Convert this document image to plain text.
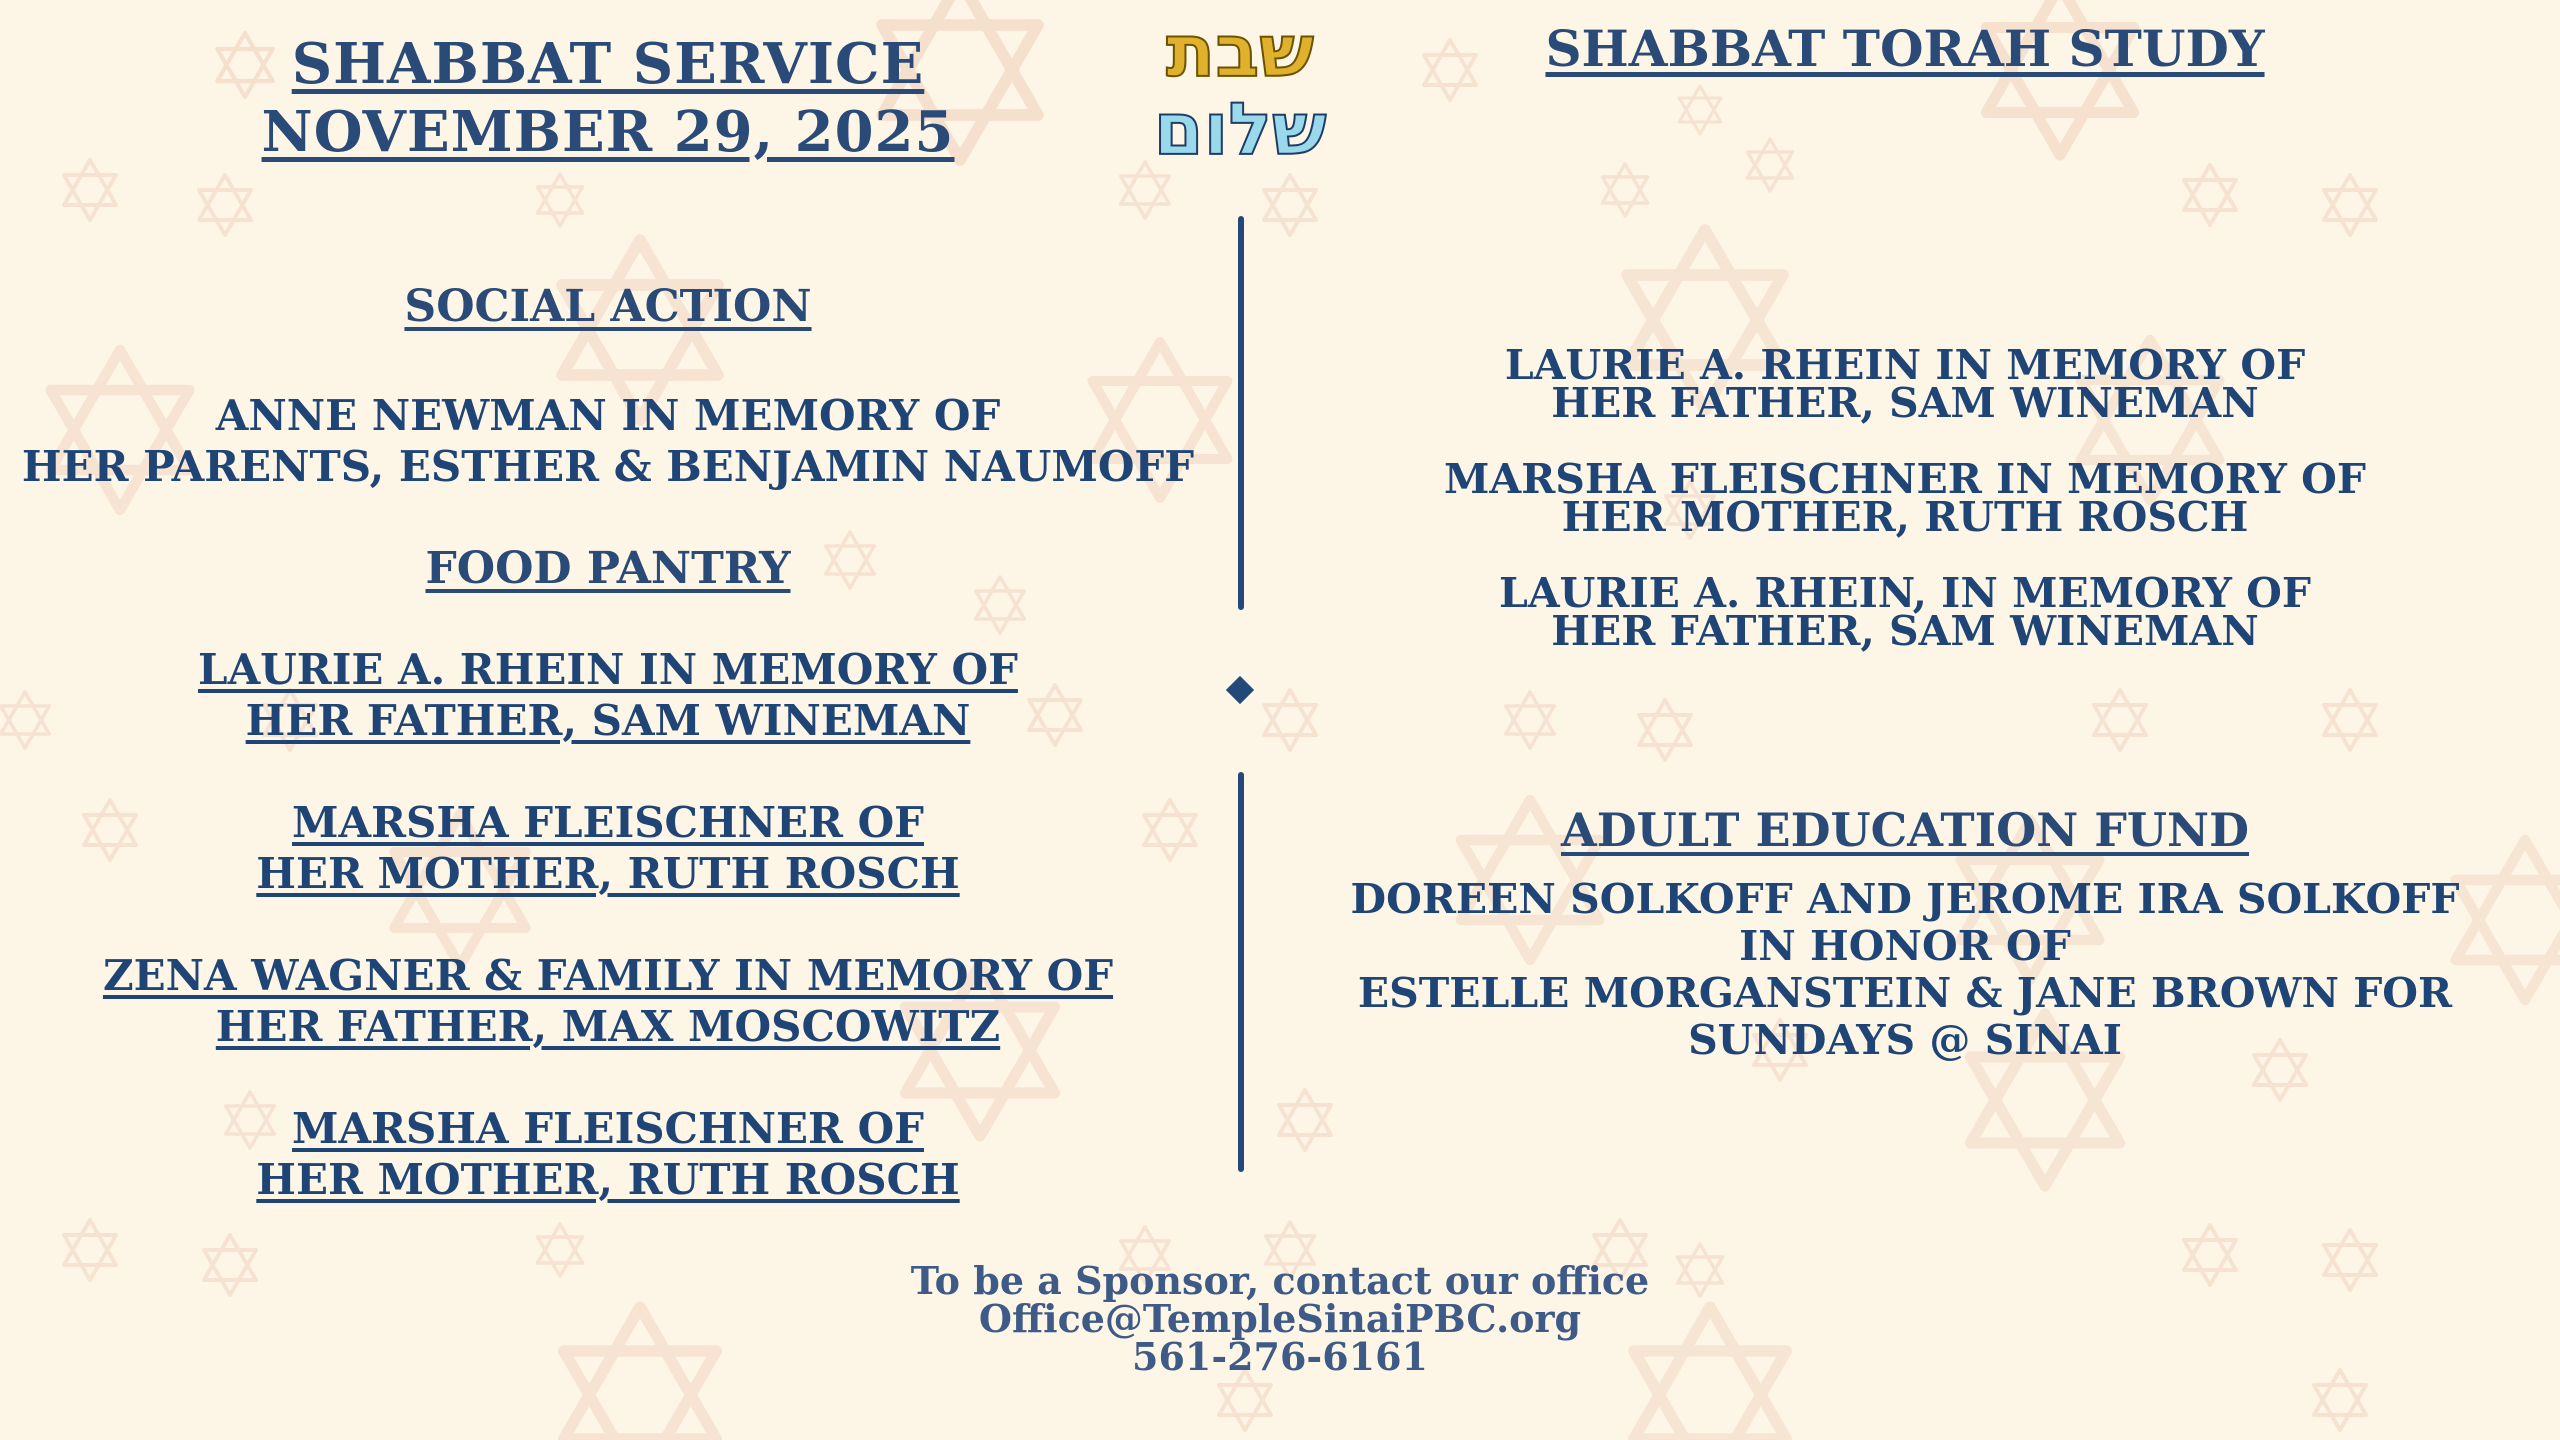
שבת
שלום
SHABBAT SERVICE
NOVEMBER 29, 2025
SOCIAL ACTION
ANNE NEWMAN IN MEMORY OF
HER PARENTS, ESTHER & BENJAMIN NAUMOFF
FOOD PANTRY
LAURIE A. RHEIN IN MEMORY OF
HER FATHER, SAM WINEMAN
MARSHA FLEISCHNER OF
HER MOTHER, RUTH ROSCH
ZENA WAGNER & FAMILY IN MEMORY OF
HER FATHER, MAX MOSCOWITZ
MARSHA FLEISCHNER OF
HER MOTHER, RUTH ROSCH
SHABBAT TORAH STUDY
LAURIE A. RHEIN IN MEMORY OF
HER FATHER, SAM WINEMAN
MARSHA FLEISCHNER IN MEMORY OF
HER MOTHER, RUTH ROSCH
LAURIE A. RHEIN, IN MEMORY OF
HER FATHER, SAM WINEMAN
ADULT EDUCATION FUND
DOREEN SOLKOFF AND JEROME IRA SOLKOFF
IN HONOR OF
ESTELLE MORGANSTEIN & JANE BROWN FOR
SUNDAYS @ SINAI
To be a Sponsor, contact our office
Office@TempleSinaiPBC.org
561-276-6161
